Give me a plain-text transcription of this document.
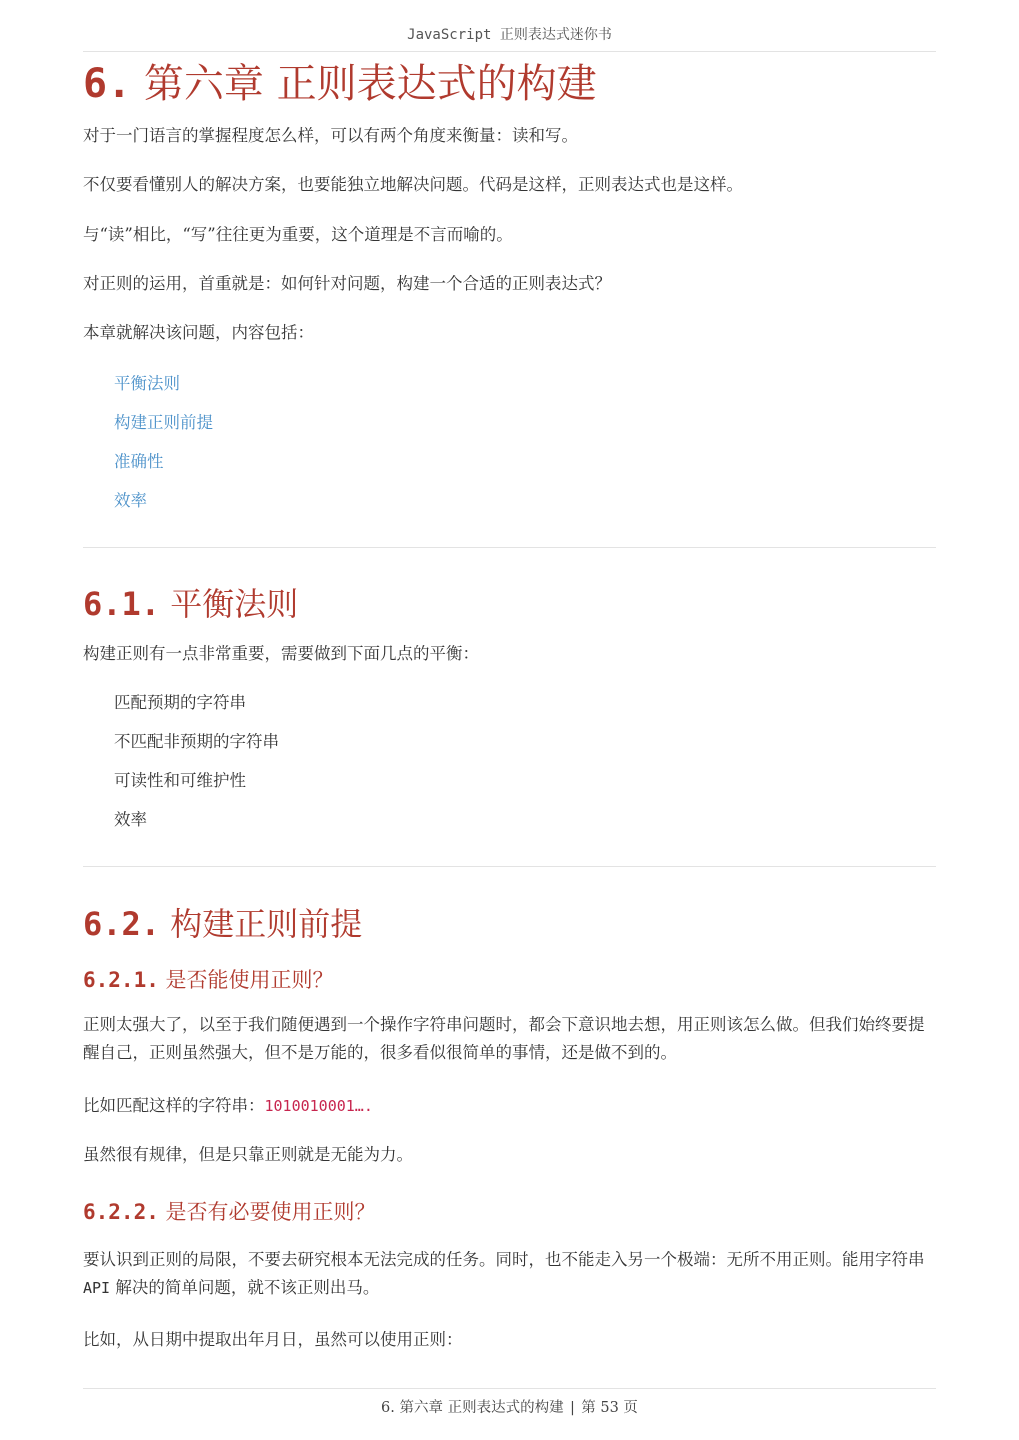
JavaScript 正则表达式迷你书
6. 第六章 正则表达式的构建

对于一门语言的掌握程度怎么样，可以有两个角度来衡量：读和写。

不仅要看懂别人的解决方案，也要能独立地解决问题。代码是这样，正则表达式也是这样。

与“读”相比，“写”往往更为重要，这个道理是不言而喻的。

对正则的运用，首重就是：如何针对问题，构建一个合适的正则表达式？

本章就解决该问题，内容包括：

平衡法则

构建正则前提

准确性

效率

6.1. 平衡法则

构建正则有一点非常重要，需要做到下面几点的平衡：

匹配预期的字符串

不匹配非预期的字符串

可读性和可维护性

效率

6.2. 构建正则前提
6.2.1. 是否能使用正则？

正则太强大了，以至于我们随便遇到一个操作字符串问题时，都会下意识地去想，用正则该怎么做。但我们始终要提醒自己，正则虽然强大，但不是万能的，很多看似很简单的事情，还是做不到的。

比如匹配这样的字符串：1010010001….

虽然很有规律，但是只靠正则就是无能为力。

6.2.2. 是否有必要使用正则？

要认识到正则的局限，不要去研究根本无法完成的任务。同时，也不能走入另一个极端：无所不用正则。能用字符串 API 解决的简单问题，就不该正则出马。

比如，从日期中提取出年月日，虽然可以使用正则：

6. 第六章 正则表达式的构建 | 第 53 页
